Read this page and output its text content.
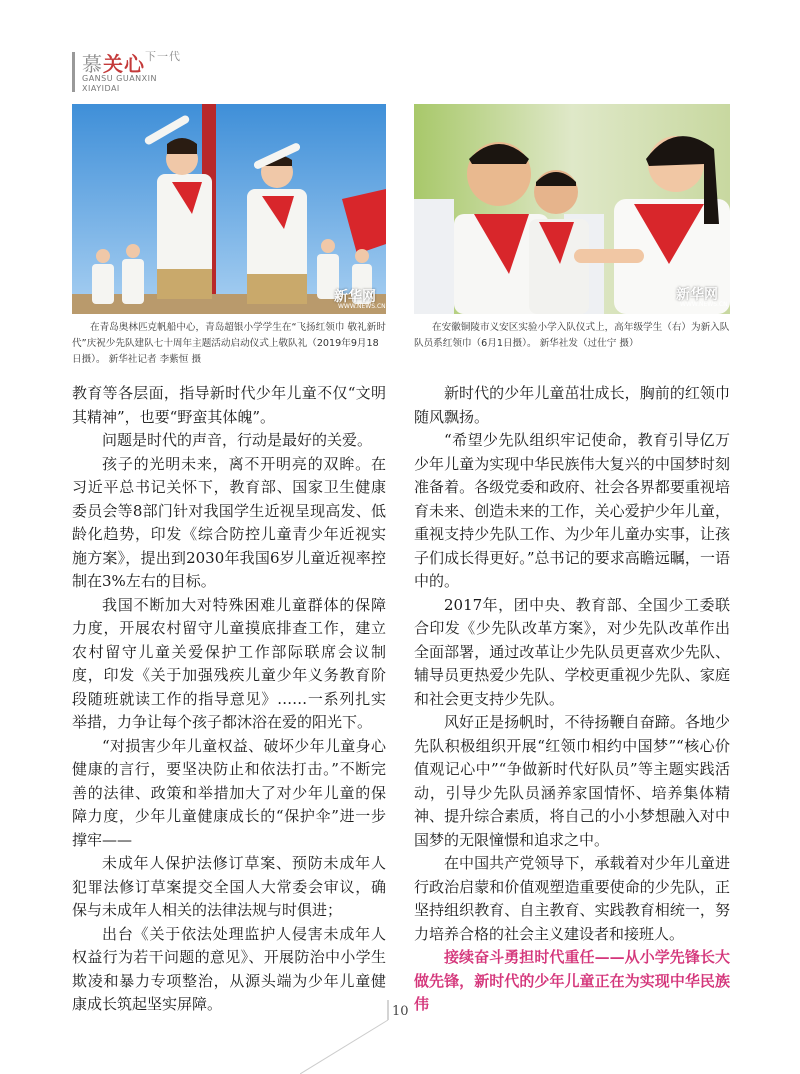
慕关心$^{下一代}$
GANSU GUANXIN
XIAYIDAI
新华网
WWW.NEWS.CN
新华网
WWW.NEWS.CN
在青岛奥林匹克帆船中心，青岛超银小学学生在“飞扬红领巾 敬礼新时代”庆祝少先队建队七十周年主题活动启动仪式上敬队礼（2019年9月18日摄）。 新华社记者 李紫恒 摄
在安徽铜陵市义安区实验小学入队仪式上，高年级学生（右）为新入队队员系红领巾（6月1日摄）。 新华社发（过仕宁 摄）

教育等各层面，指导新时代少年儿童不仅“文明其精神”，也要“野蛮其体魄”。

问题是时代的声音，行动是最好的关爱。

孩子的光明未来，离不开明亮的双眸。在习近平总书记关怀下，教育部、国家卫生健康委员会等8部门针对我国学生近视呈现高发、低龄化趋势，印发《综合防控儿童青少年近视实施方案》，提出到2030年我国6岁儿童近视率控制在3%左右的目标。

我国不断加大对特殊困难儿童群体的保障力度，开展农村留守儿童摸底排查工作，建立农村留守儿童关爱保护工作部际联席会议制度，印发《关于加强残疾儿童少年义务教育阶段随班就读工作的指导意见》……一系列扎实举措，力争让每个孩子都沐浴在爱的阳光下。

“对损害少年儿童权益、破坏少年儿童身心健康的言行，要坚决防止和依法打击。”不断完善的法律、政策和举措加大了对少年儿童的保障力度，少年儿童健康成长的“保护伞”进一步撑牢——

未成年人保护法修订草案、预防未成年人犯罪法修订草案提交全国人大常委会审议，确保与未成年人相关的法律法规与时俱进；

出台《关于依法处理监护人侵害未成年人权益行为若干问题的意见》、开展防治中小学生欺凌和暴力专项整治，从源头端为少年儿童健康成长筑起坚实屏障。

新时代的少年儿童茁壮成长，胸前的红领巾随风飘扬。

“希望少先队组织牢记使命，教育引导亿万少年儿童为实现中华民族伟大复兴的中国梦时刻准备着。各级党委和政府、社会各界都要重视培育未来、创造未来的工作，关心爱护少年儿童，重视支持少先队工作、为少年儿童办实事，让孩子们成长得更好。”总书记的要求高瞻远瞩，一语中的。

2017年，团中央、教育部、全国少工委联合印发《少先队改革方案》，对少先队改革作出全面部署，通过改革让少先队员更喜欢少先队、辅导员更热爱少先队、学校更重视少先队、家庭和社会更支持少先队。

风好正是扬帆时，不待扬鞭自奋蹄。各地少先队积极组织开展“红领巾相约中国梦”“核心价值观记心中”“争做新时代好队员”等主题实践活动，引导少先队员涵养家国情怀、培养集体精神、提升综合素质，将自己的小小梦想融入对中国梦的无限憧憬和追求之中。

在中国共产党领导下，承载着对少年儿童进行政治启蒙和价值观塑造重要使命的少先队，正坚持组织教育、自主教育、实践教育相统一，努力培养合格的社会主义建设者和接班人。

接续奋斗勇担时代重任——从小学先锋长大做先锋，新时代的少年儿童正在为实现中华民族伟

10
